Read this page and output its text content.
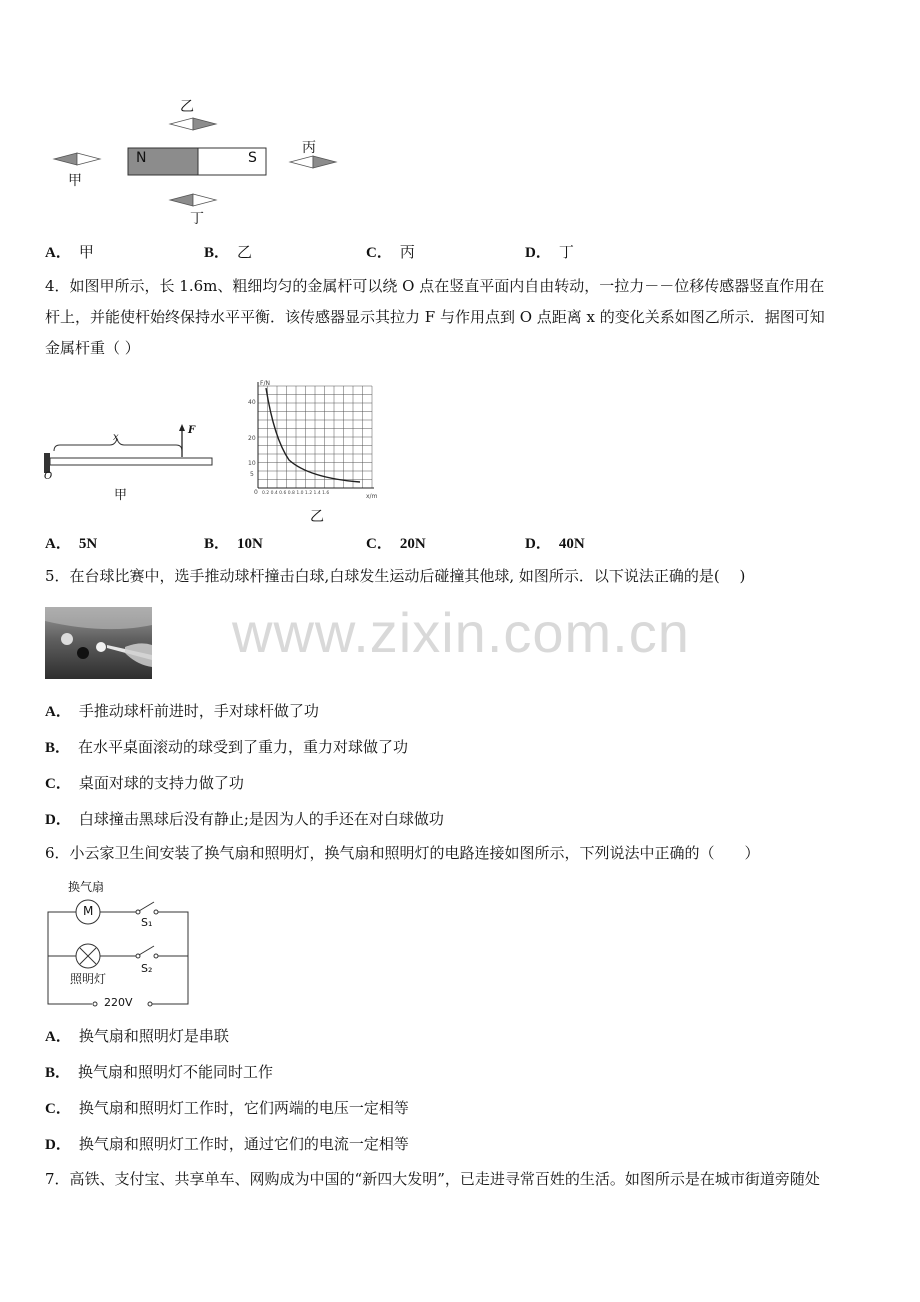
www.zixin.com.cn
N	S
乙
甲
丙
丁
A． 甲	B． 乙	C． 丙	D． 丁
4．如图甲所示，长 1.6m、粗细均匀的金属杆可以绕 O 点在竖直平面内自由转动，一拉力－－位移传感器竖直作用在
杆上，并能使杆始终保持水平平衡．该传感器显示其拉力 F 与作用点到 O 点距离 x 的变化关系如图乙所示．据图可知
金属杆重（ ）
x
F
O
甲
F/N
40
20
10
5
0 0.2 0.4 0.6 0.8 1.0 1.2 1.4 1.6	x/m
乙
A． 5N	B． 10N	C． 20N	D． 40N
5．在台球比赛中，选手推动球杆撞击白球,白球发生运动后碰撞其他球, 如图所示．以下说法正确的是(　 )
A． 手推动球杆前进时，手对球杆做了功
B． 在水平桌面滚动的球受到了重力，重力对球做了功
C． 桌面对球的支持力做了功
D． 白球撞击黑球后没有静止;是因为人的手还在对白球做功
6．小云家卫生间安装了换气扇和照明灯，换气扇和照明灯的电路连接如图所示，下列说法中正确的（　　）
换气扇
M
S₁
S₂
照明灯
220V
A． 换气扇和照明灯是串联
B． 换气扇和照明灯不能同时工作
C． 换气扇和照明灯工作时，它们两端的电压一定相等
D． 换气扇和照明灯工作时，通过它们的电流一定相等
7．高铁、支付宝、共享单车、网购成为中国的“新四大发明”，已走进寻常百姓的生活。如图所示是在城市街道旁随处
